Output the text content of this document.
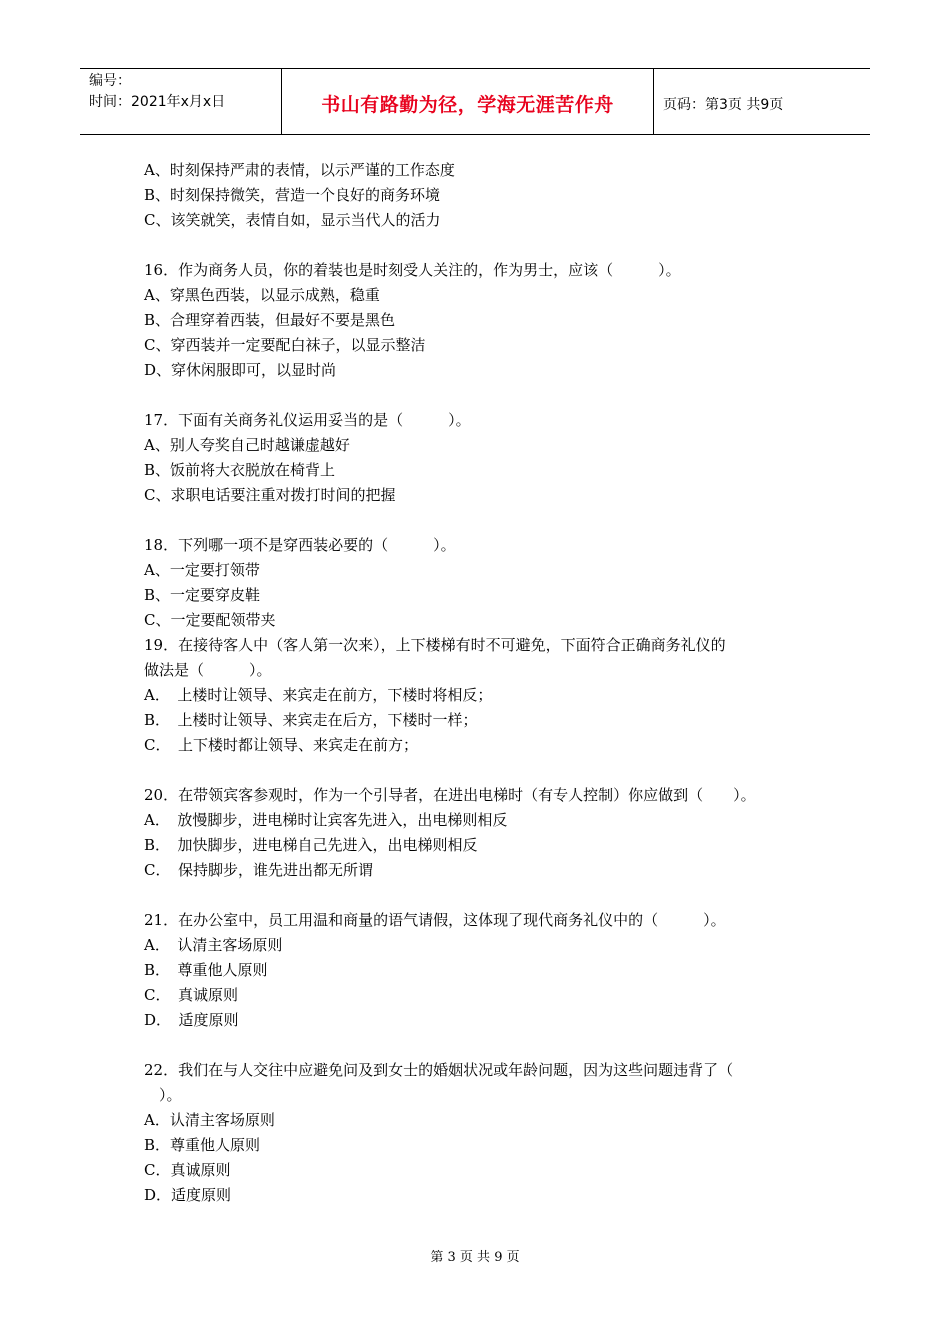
编号：
时间：2021年x月x日	书山有路勤为径，学海无涯苦作舟	页码：第3页 共9页
A、时刻保持严肃的表情，以示严谨的工作态度
B、时刻保持微笑，营造一个良好的商务环境
C、该笑就笑，表情自如，显示当代人的活力
16．作为商务人员，你的着装也是时刻受人关注的，作为男士，应该（　　　）。
A、穿黑色西装，以显示成熟，稳重
B、合理穿着西装，但最好不要是黑色
C、穿西装并一定要配白袜子，以显示整洁
D、穿休闲服即可，以显时尚
17．下面有关商务礼仪运用妥当的是（　　　）。
A、别人夸奖自己时越谦虚越好
B、饭前将大衣脱放在椅背上
C、求职电话要注重对拨打时间的把握
18．下列哪一项不是穿西装必要的（　　　）。
A、一定要打领带
B、一定要穿皮鞋
C、一定要配领带夹
19．在接待客人中（客人第一次来），上下楼梯有时不可避免，下面符合正确商务礼仪的
做法是（　　　）。
A．　上楼时让领导、来宾走在前方，下楼时将相反；
B．　上楼时让领导、来宾走在后方，下楼时一样；
C．　上下楼时都让领导、来宾走在前方；
20．在带领宾客参观时，作为一个引导者，在进出电梯时（有专人控制）你应做到（　　）。
A．　放慢脚步，进电梯时让宾客先进入，出电梯则相反
B．　加快脚步，进电梯自己先进入，出电梯则相反
C．　保持脚步，谁先进出都无所谓
21．在办公室中，员工用温和商量的语气请假，这体现了现代商务礼仪中的（　　　）。
A．　认清主客场原则
B．　尊重他人原则
C．　真诚原则
D．　适度原则
22．我们在与人交往中应避免问及到女士的婚姻状况或年龄问题，因为这些问题违背了（
　）。
A．认清主客场原则
B．尊重他人原则
C．真诚原则
D．适度原则
第 3 页 共 9 页
